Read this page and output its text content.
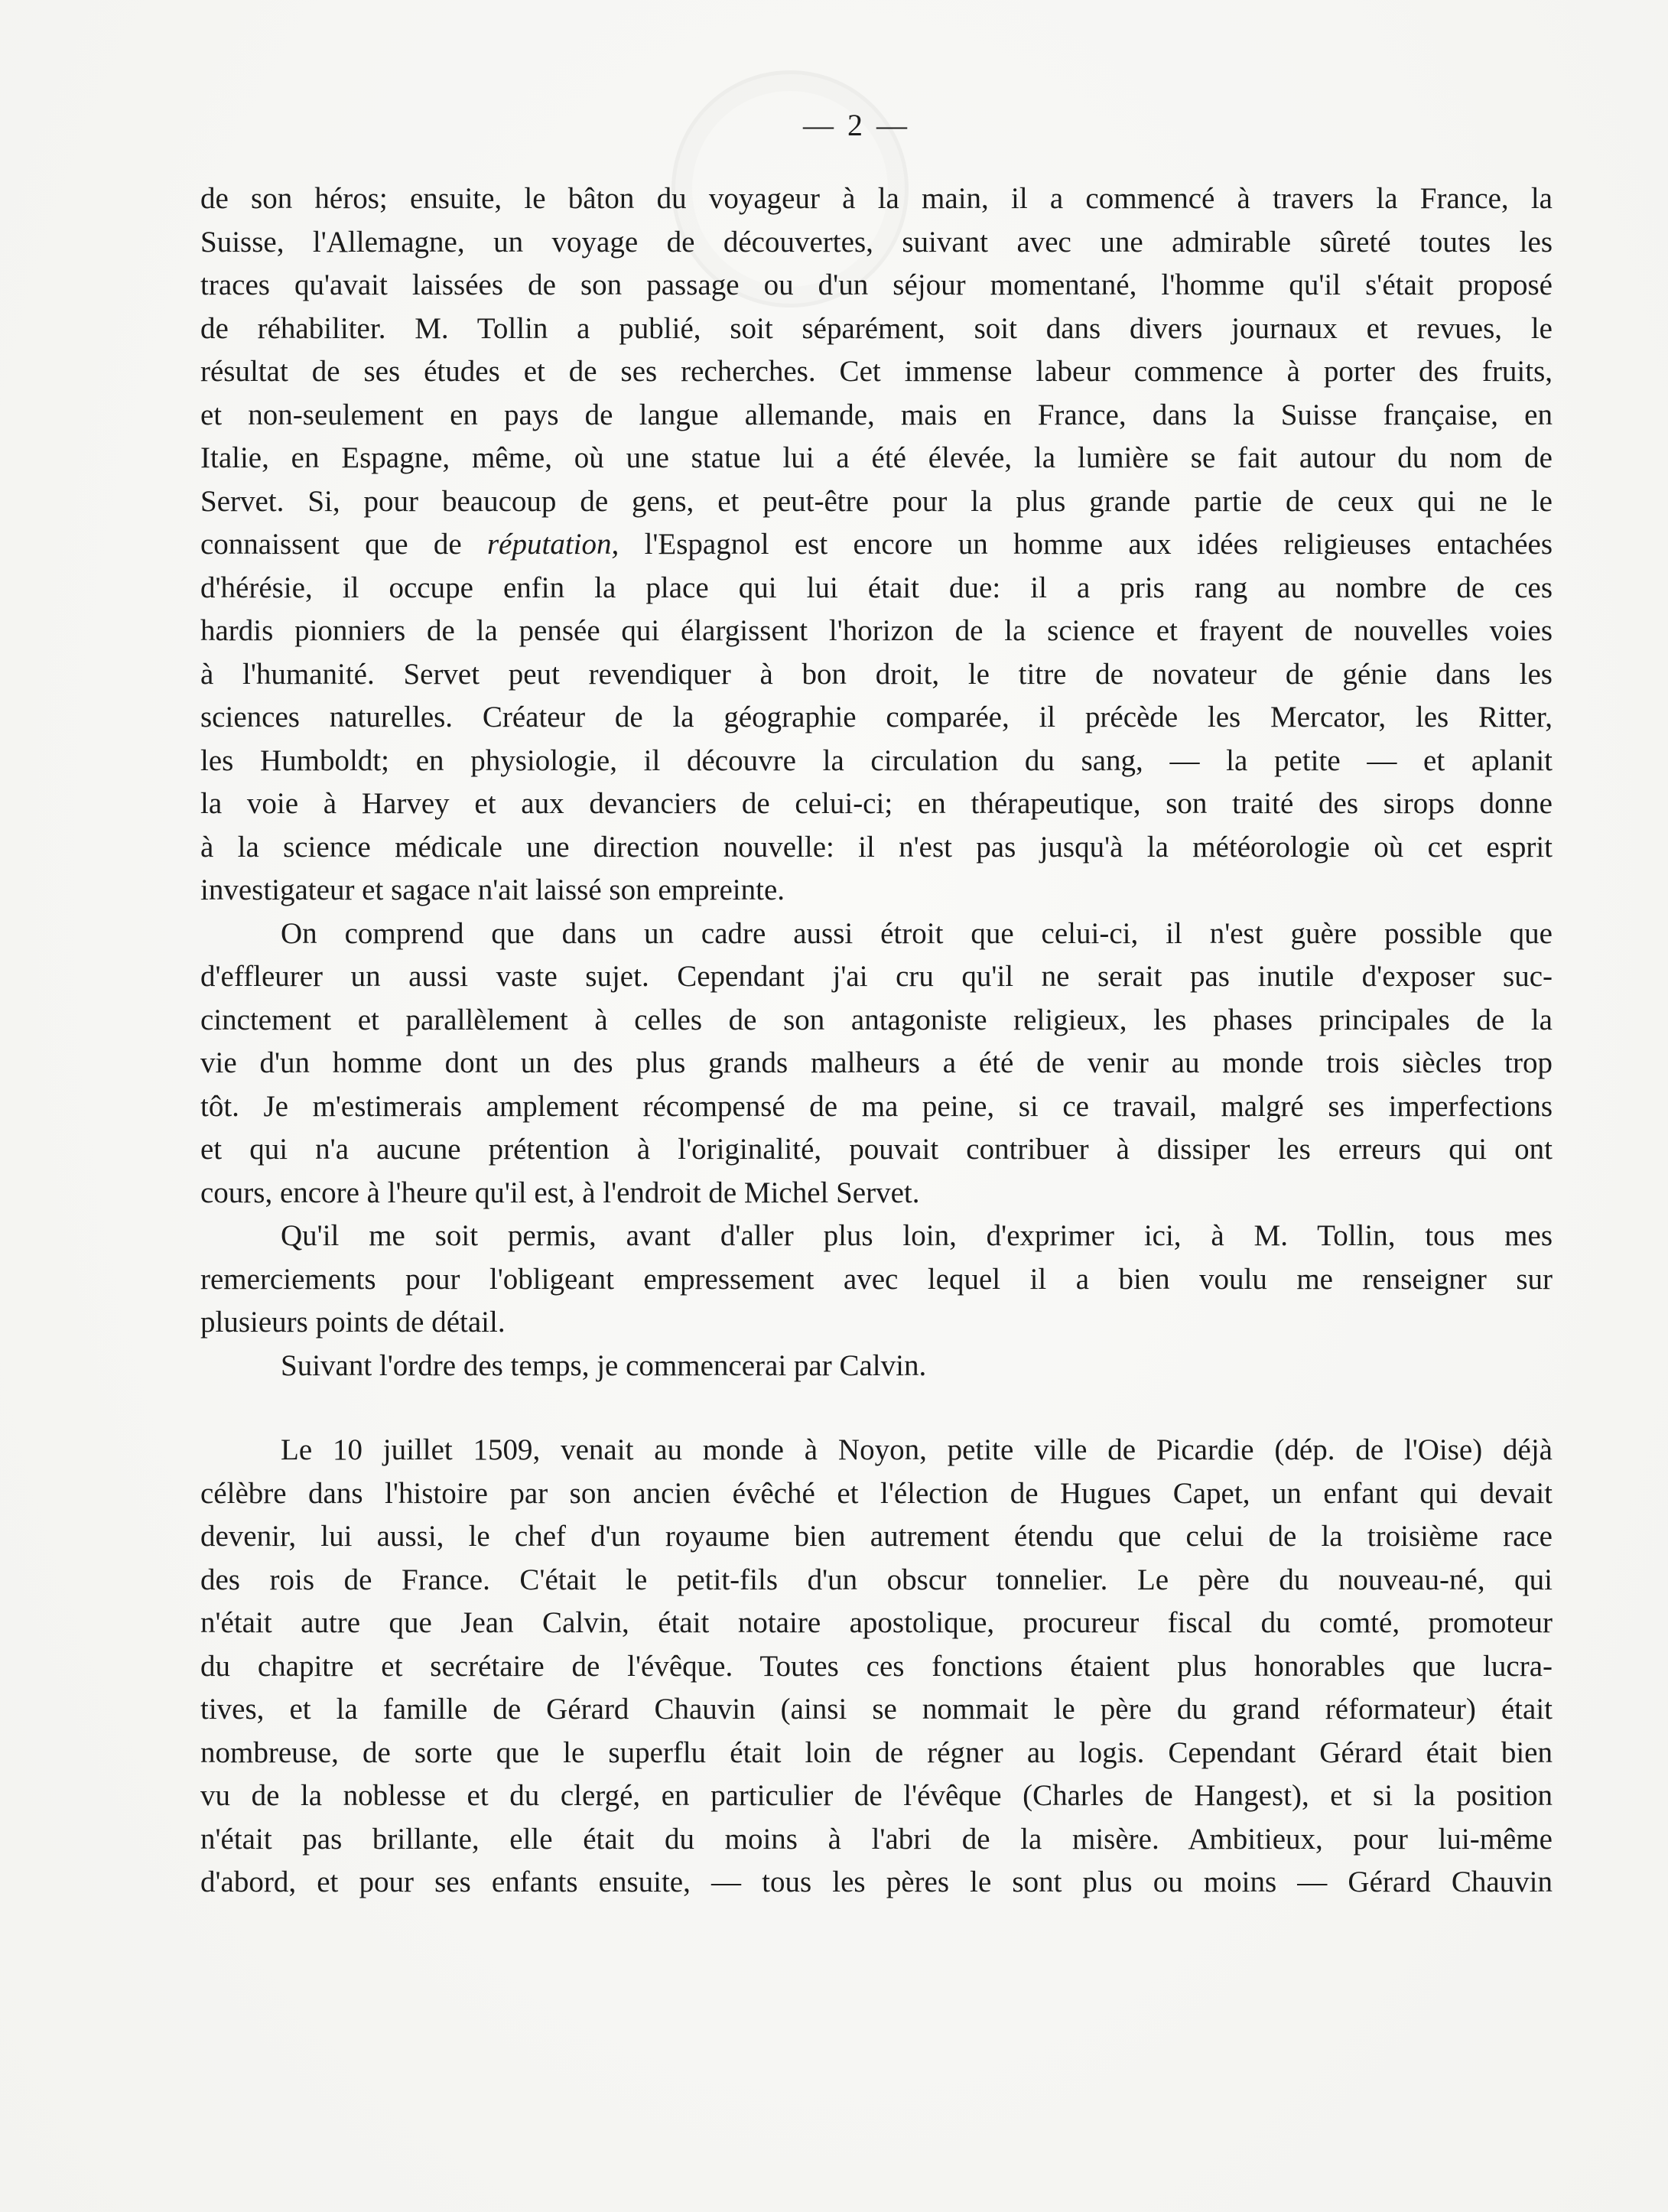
— 2 —
de son héros; ensuite, le bâton du voyageur à la main, il a commencé à travers la France, la
Suisse, l'Allemagne, un voyage de découvertes, suivant avec une admirable sûreté toutes les
traces qu'avait laissées de son passage ou d'un séjour momentané, l'homme qu'il s'était proposé
de réhabiliter. M. Tollin a publié, soit séparément, soit dans divers journaux et revues, le
résultat de ses études et de ses recherches. Cet immense labeur commence à porter des fruits,
et non-seulement en pays de langue allemande, mais en France, dans la Suisse française, en
Italie, en Espagne, même, où une statue lui a été élevée, la lumière se fait autour du nom de
Servet. Si, pour beaucoup de gens, et peut-être pour la plus grande partie de ceux qui ne le
connaissent que de réputation, l'Espagnol est encore un homme aux idées religieuses entachées
d'hérésie, il occupe enfin la place qui lui était due: il a pris rang au nombre de ces
hardis pionniers de la pensée qui élargissent l'horizon de la science et frayent de nouvelles voies
à l'humanité. Servet peut revendiquer à bon droit, le titre de novateur de génie dans les
sciences naturelles. Créateur de la géographie comparée, il précède les Mercator, les Ritter,
les Humboldt; en physiologie, il découvre la circulation du sang, — la petite — et aplanit
la voie à Harvey et aux devanciers de celui-ci; en thérapeutique, son traité des sirops donne
à la science médicale une direction nouvelle: il n'est pas jusqu'à la météorologie où cet esprit
investigateur et sagace n'ait laissé son empreinte.
On comprend que dans un cadre aussi étroit que celui-ci, il n'est guère possible que
d'effleurer un aussi vaste sujet. Cependant j'ai cru qu'il ne serait pas inutile d'exposer suc-
cinctement et parallèlement à celles de son antagoniste religieux, les phases principales de la
vie d'un homme dont un des plus grands malheurs a été de venir au monde trois siècles trop
tôt. Je m'estimerais amplement récompensé de ma peine, si ce travail, malgré ses imperfections
et qui n'a aucune prétention à l'originalité, pouvait contribuer à dissiper les erreurs qui ont
cours, encore à l'heure qu'il est, à l'endroit de Michel Servet.
Qu'il me soit permis, avant d'aller plus loin, d'exprimer ici, à M. Tollin, tous mes
remerciements pour l'obligeant empressement avec lequel il a bien voulu me renseigner sur
plusieurs points de détail.
Suivant l'ordre des temps, je commencerai par Calvin.
Le 10 juillet 1509, venait au monde à Noyon, petite ville de Picardie (dép. de l'Oise) déjà
célèbre dans l'histoire par son ancien évêché et l'élection de Hugues Capet, un enfant qui devait
devenir, lui aussi, le chef d'un royaume bien autrement étendu que celui de la troisième race
des rois de France. C'était le petit-fils d'un obscur tonnelier. Le père du nouveau-né, qui
n'était autre que Jean Calvin, était notaire apostolique, procureur fiscal du comté, promoteur
du chapitre et secrétaire de l'évêque. Toutes ces fonctions étaient plus honorables que lucra-
tives, et la famille de Gérard Chauvin (ainsi se nommait le père du grand réformateur) était
nombreuse, de sorte que le superflu était loin de régner au logis. Cependant Gérard était bien
vu de la noblesse et du clergé, en particulier de l'évêque (Charles de Hangest), et si la position
n'était pas brillante, elle était du moins à l'abri de la misère. Ambitieux, pour lui-même
d'abord, et pour ses enfants ensuite, — tous les pères le sont plus ou moins — Gérard Chauvin
